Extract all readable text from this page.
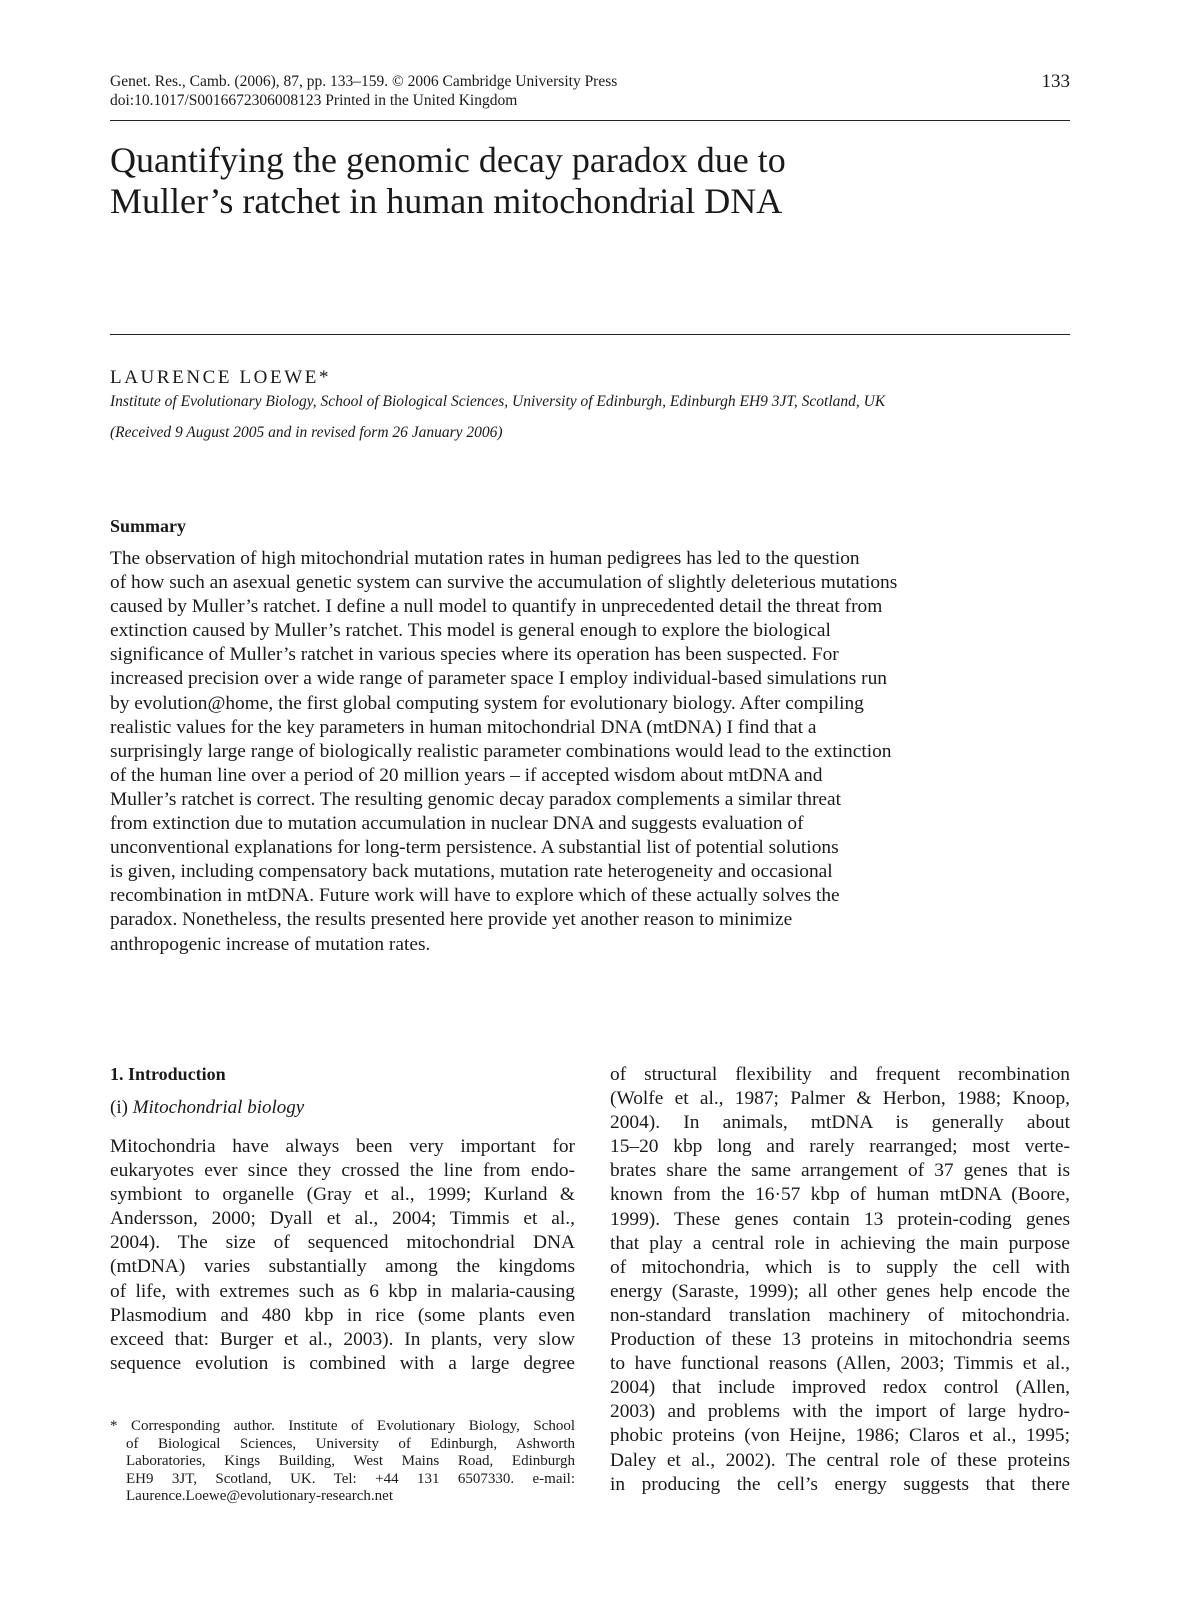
Genet. Res., Camb. (2006), 87, pp. 133–159. © 2006 Cambridge University Press
doi:10.1017/S0016672306008123 Printed in the United Kingdom
133
Quantifying the genomic decay paradox due to
Muller’s ratchet in human mitochondrial DNA
LAURENCE LOEWE*
Institute of Evolutionary Biology, School of Biological Sciences, University of Edinburgh, Edinburgh EH9 3JT, Scotland, UK
(Received 9 August 2005 and in revised form 26 January 2006)
Summary
The observation of high mitochondrial mutation rates in human pedigrees has led to the question
of how such an asexual genetic system can survive the accumulation of slightly deleterious mutations
caused by Muller’s ratchet. I define a null model to quantify in unprecedented detail the threat from
extinction caused by Muller’s ratchet. This model is general enough to explore the biological
significance of Muller’s ratchet in various species where its operation has been suspected. For
increased precision over a wide range of parameter space I employ individual-based simulations run
by evolution@home, the first global computing system for evolutionary biology. After compiling
realistic values for the key parameters in human mitochondrial DNA (mtDNA) I find that a
surprisingly large range of biologically realistic parameter combinations would lead to the extinction
of the human line over a period of 20 million years – if accepted wisdom about mtDNA and
Muller’s ratchet is correct. The resulting genomic decay paradox complements a similar threat
from extinction due to mutation accumulation in nuclear DNA and suggests evaluation of
unconventional explanations for long-term persistence. A substantial list of potential solutions
is given, including compensatory back mutations, mutation rate heterogeneity and occasional
recombination in mtDNA. Future work will have to explore which of these actually solves the
paradox. Nonetheless, the results presented here provide yet another reason to minimize
anthropogenic increase of mutation rates.
1. Introduction
(i) Mitochondrial biology
Mitochondria have always been very important for
eukaryotes ever since they crossed the line from endo-
symbiont to organelle (Gray et al., 1999; Kurland &
Andersson, 2000; Dyall et al., 2004; Timmis et al.,
2004). The size of sequenced mitochondrial DNA
(mtDNA) varies substantially among the kingdoms
of life, with extremes such as 6 kbp in malaria-causing
Plasmodium and 480 kbp in rice (some plants even
exceed that: Burger et al., 2003). In plants, very slow
sequence evolution is combined with a large degree
of structural flexibility and frequent recombination
(Wolfe et al., 1987; Palmer & Herbon, 1988; Knoop,
2004). In animals, mtDNA is generally about
15–20 kbp long and rarely rearranged; most verte-
brates share the same arrangement of 37 genes that is
known from the 16·57 kbp of human mtDNA (Boore,
1999). These genes contain 13 protein-coding genes
that play a central role in achieving the main purpose
of mitochondria, which is to supply the cell with
energy (Saraste, 1999); all other genes help encode the
non-standard translation machinery of mitochondria.
Production of these 13 proteins in mitochondria seems
to have functional reasons (Allen, 2003; Timmis et al.,
2004) that include improved redox control (Allen,
2003) and problems with the import of large hydro-
phobic proteins (von Heijne, 1986; Claros et al., 1995;
Daley et al., 2002). The central role of these proteins
in producing the cell’s energy suggests that there
* Corresponding author. Institute of Evolutionary Biology, School
of Biological Sciences, University of Edinburgh, Ashworth
Laboratories, Kings Building, West Mains Road, Edinburgh
EH9 3JT, Scotland, UK. Tel: +44 131 6507330. e-mail:
Laurence.Loewe@evolutionary-research.net
